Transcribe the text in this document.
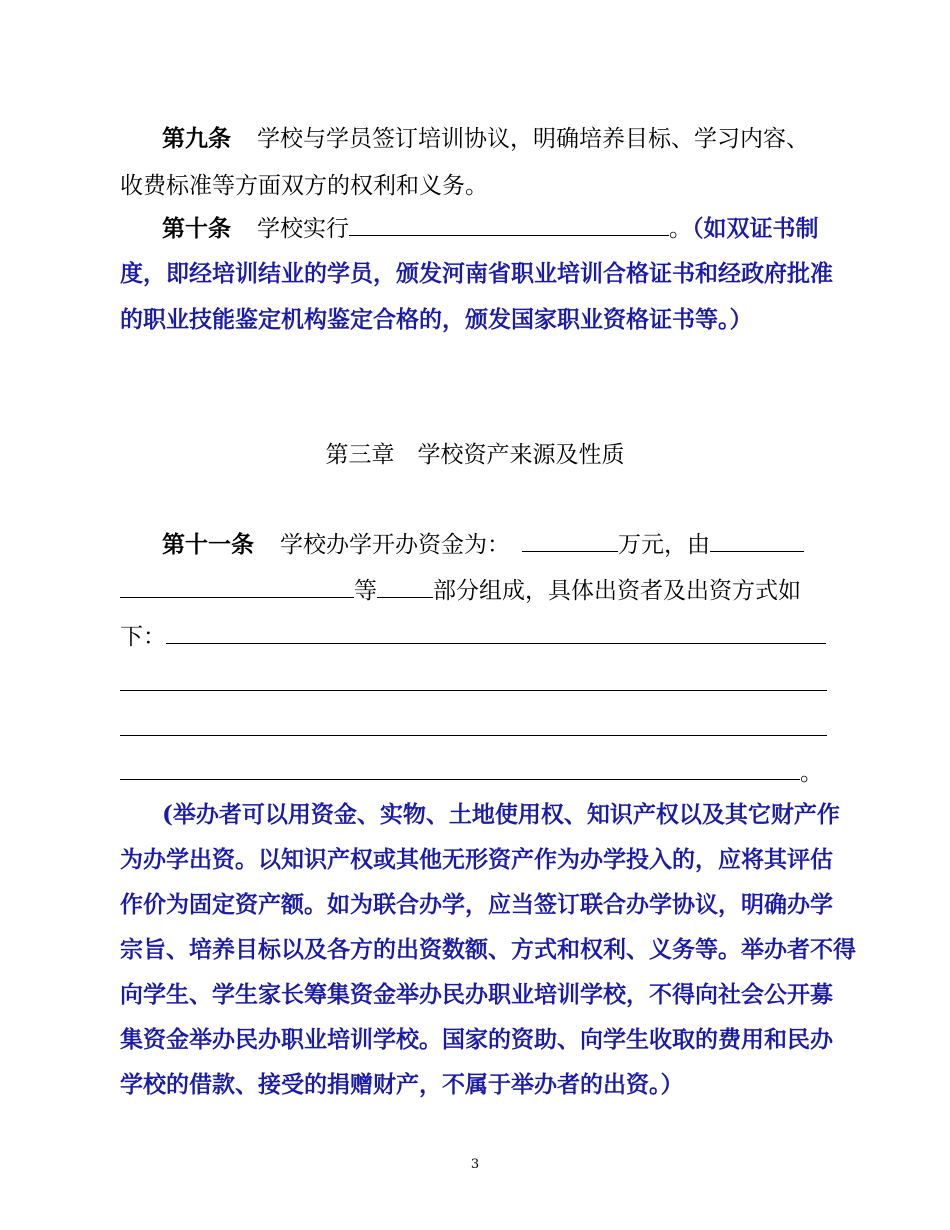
第九条 学校与学员签订培训协议，明确培养目标、学习内容、
收费标准等方面双方的权利和义务。
第十条 学校实行	。（如双证书制
度，即经培训结业的学员，颁发河南省职业培训合格证书和经政府批准
的职业技能鉴定机构鉴定合格的，颁发国家职业资格证书等。）
第三章　学校资产来源及性质
第十一条 学校办学开办资金为：	万元，由
等 部分组成，具体出资者及出资方式如
下：
。
(举办者可以用资金、实物、土地使用权、知识产权以及其它财产作
为办学出资。以知识产权或其他无形资产作为办学投入的，应将其评估
作价为固定资产额。如为联合办学，应当签订联合办学协议，明确办学
宗旨、培养目标以及各方的出资数额、方式和权利、义务等。举办者不得
向学生、学生家长筹集资金举办民办职业培训学校，不得向社会公开募
集资金举办民办职业培训学校。国家的资助、向学生收取的费用和民办
学校的借款、接受的捐赠财产，不属于举办者的出资。）
3
